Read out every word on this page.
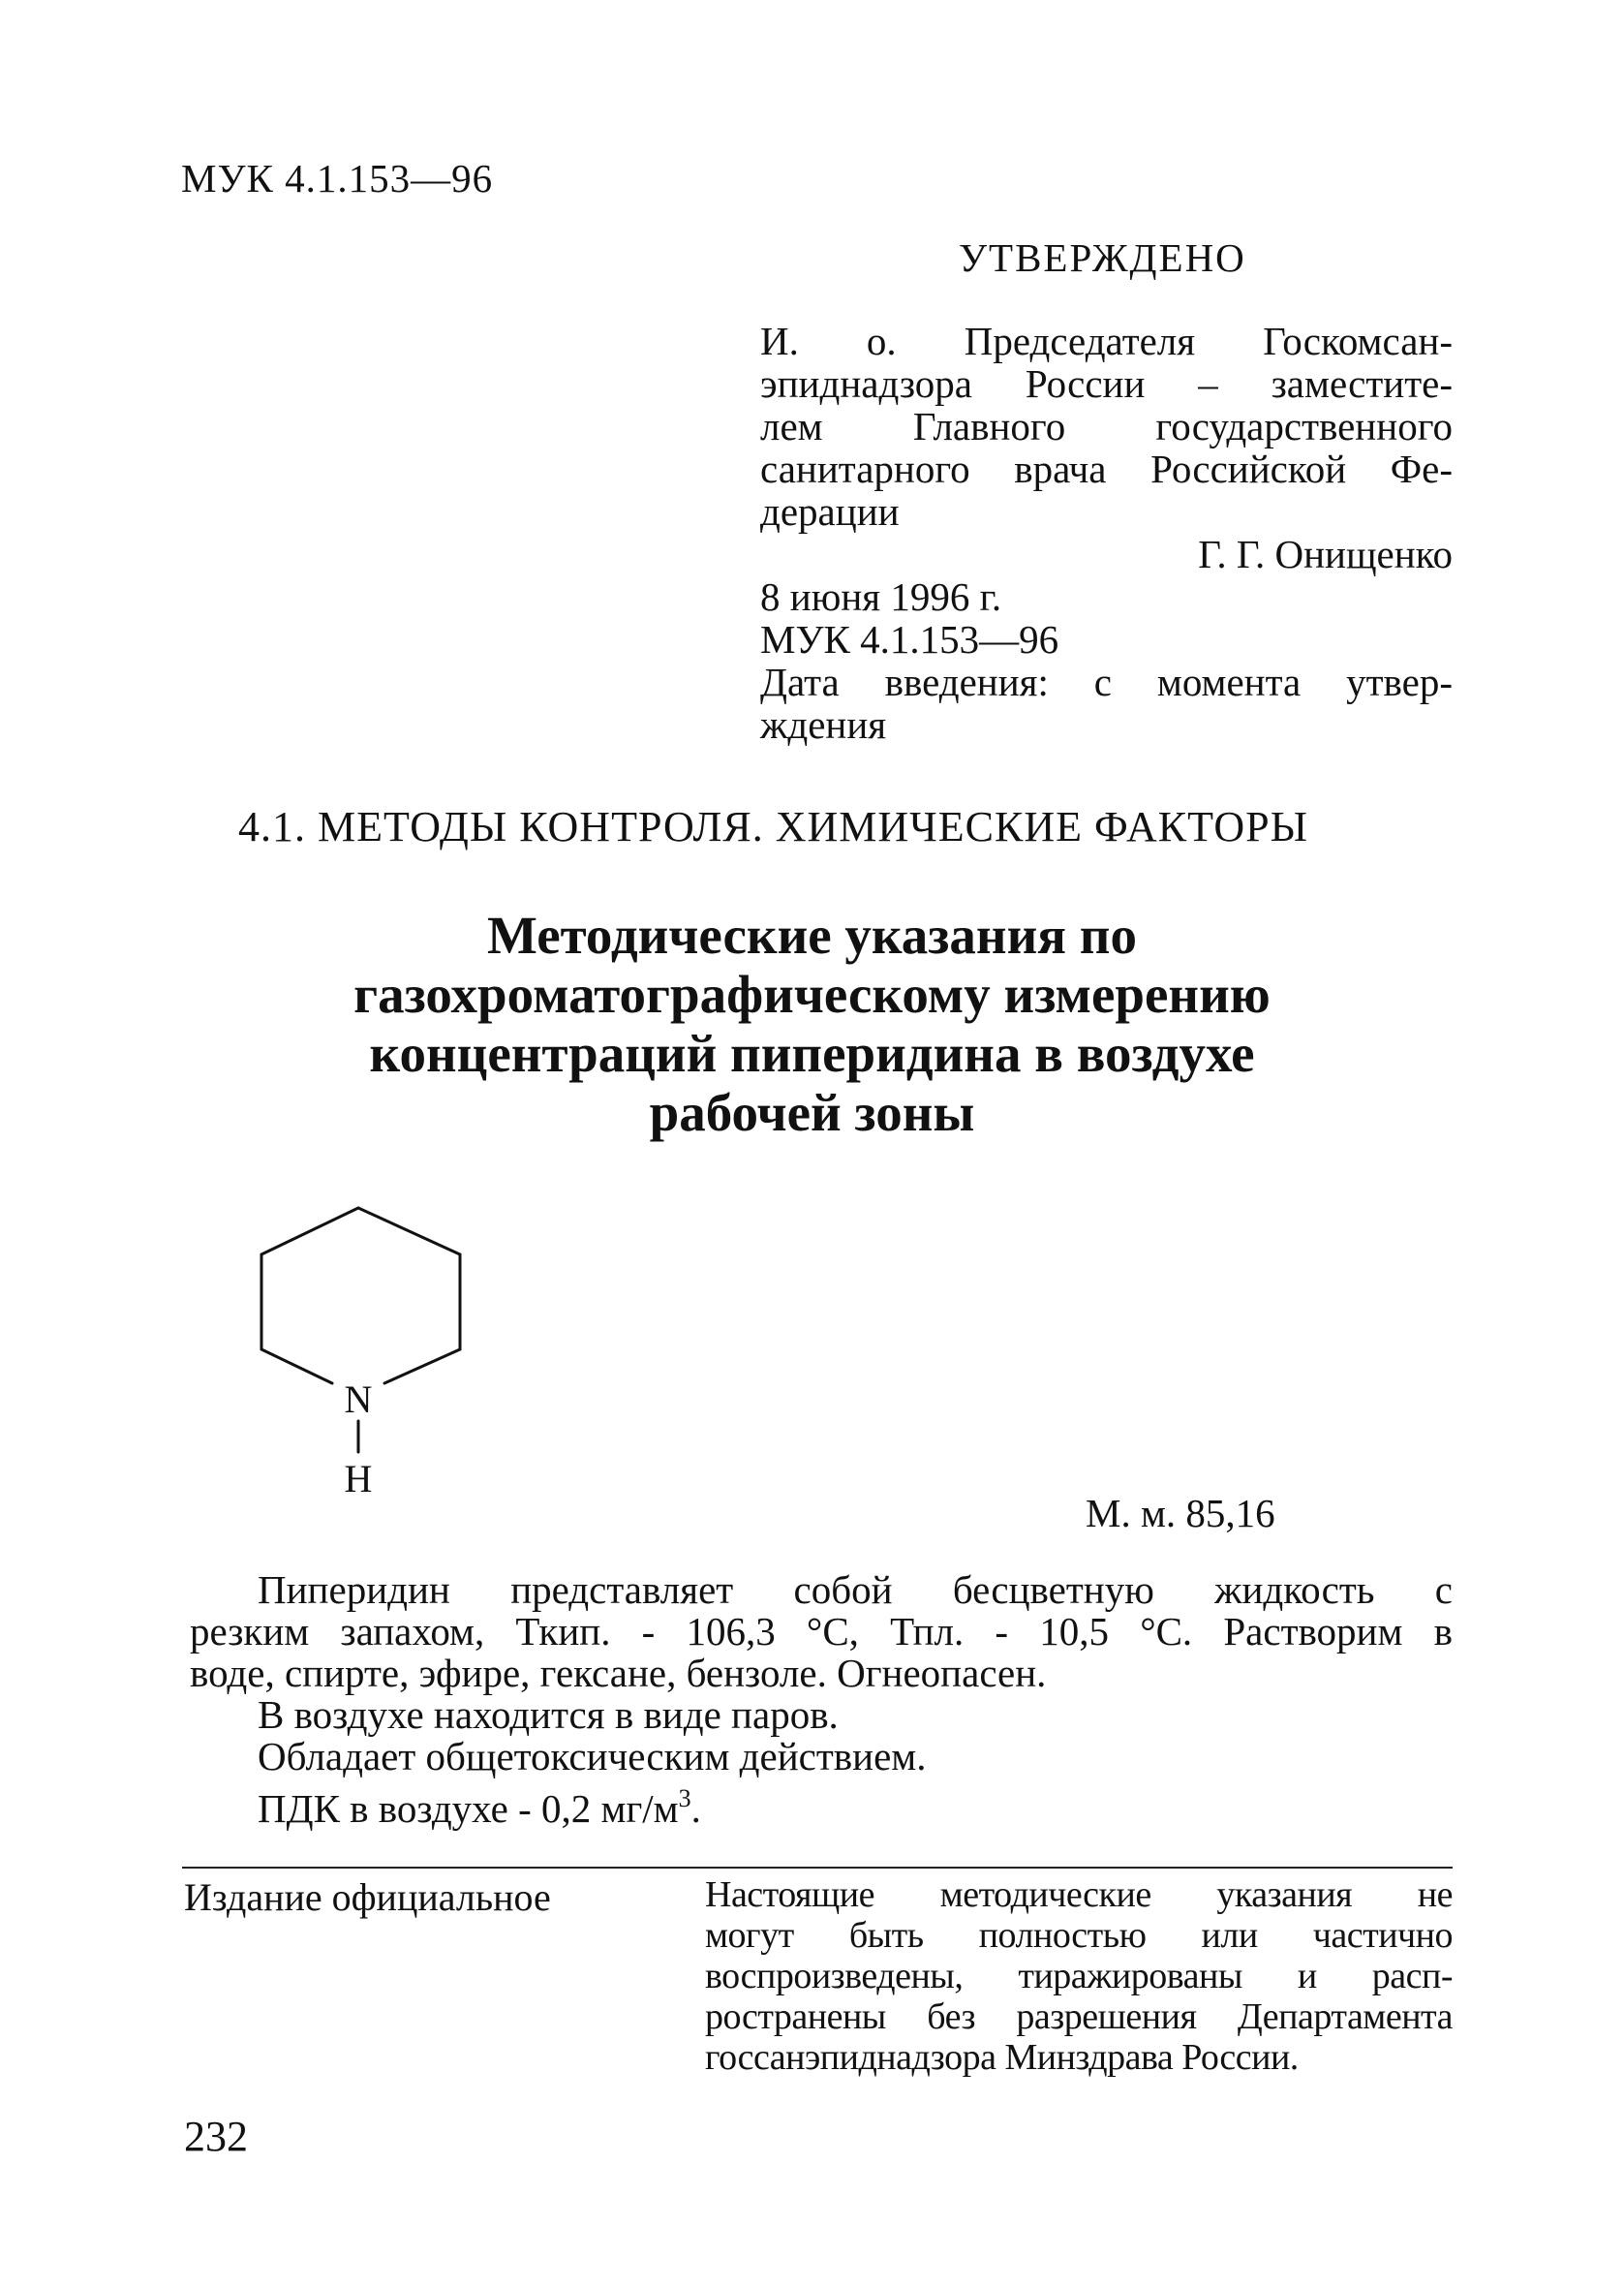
МУК 4.1.153—96
УТВЕРЖДЕНО
И. о. Председателя Госкомсан-
эпиднадзора России – заместите-
лем Главного государственного
санитарного врача Российской Фе-
дерации
Г. Г. Онищенко
8 июня 1996 г.
МУК 4.1.153—96
Дата введения: с момента утвер-
ждения
4.1. МЕТОДЫ КОНТРОЛЯ. ХИМИЧЕСКИЕ ФАКТОРЫ
Методические указания по
газохроматографическому измерению
концентраций пиперидина в воздухе
рабочей зоны
N
H
М. м. 85,16
Пиперидин представляет собой бесцветную жидкость с
резким запахом, Ткип. - 106,3 °С, Тпл. - 10,5 °С. Растворим в
воде, спирте, эфире, гексане, бензоле. Огнеопасен.
В воздухе находится в виде паров.
Обладает общетоксическим действием.
ПДК в воздухе - 0,2 $мг/м^3$.
Издание официальное	Настоящие методические указания не
могут быть полностью или частично
воспроизведены, тиражированы и расп-
ространены без разрешения Департамента
госсанэпиднадзора Минздрава России.
232
